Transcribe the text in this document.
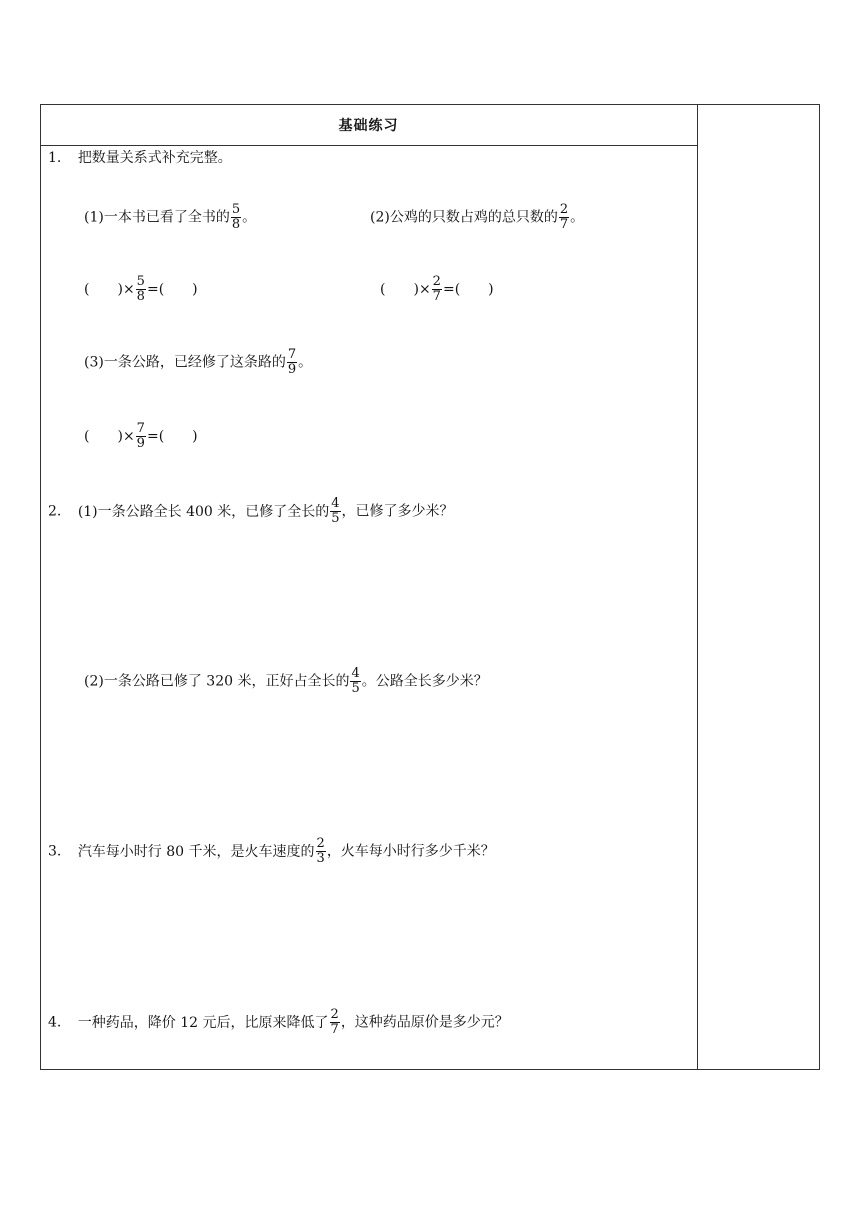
基础练习
1. 把数量关系式补充完整。
(1)一本书已看了全书的 $\frac{5}{8}$ 。	(2)公鸡的只数占鸡的总只数的 $\frac{2}{7}$ 。
( )× $\frac{5}{8}$ =( )	( )× $\frac{2}{7}$ =( )
(3)一条公路，已经修了这条路的 $\frac{7}{9}$ 。
( )× $\frac{7}{9}$ =( )
2. (1)一条公路全长 400 米，已修了全长的 $\frac{4}{5}$ ，已修了多少米？
(2)一条公路已修了 320 米，正好占全长的 $\frac{4}{5}$ 。公路全长多少米？
3. 汽车每小时行 80 千米，是火车速度的 $\frac{2}{3}$ ，火车每小时行多少千米？
4. 一种药品，降价 12 元后，比原来降低了 $\frac{2}{7}$ ，这种药品原价是多少元？
